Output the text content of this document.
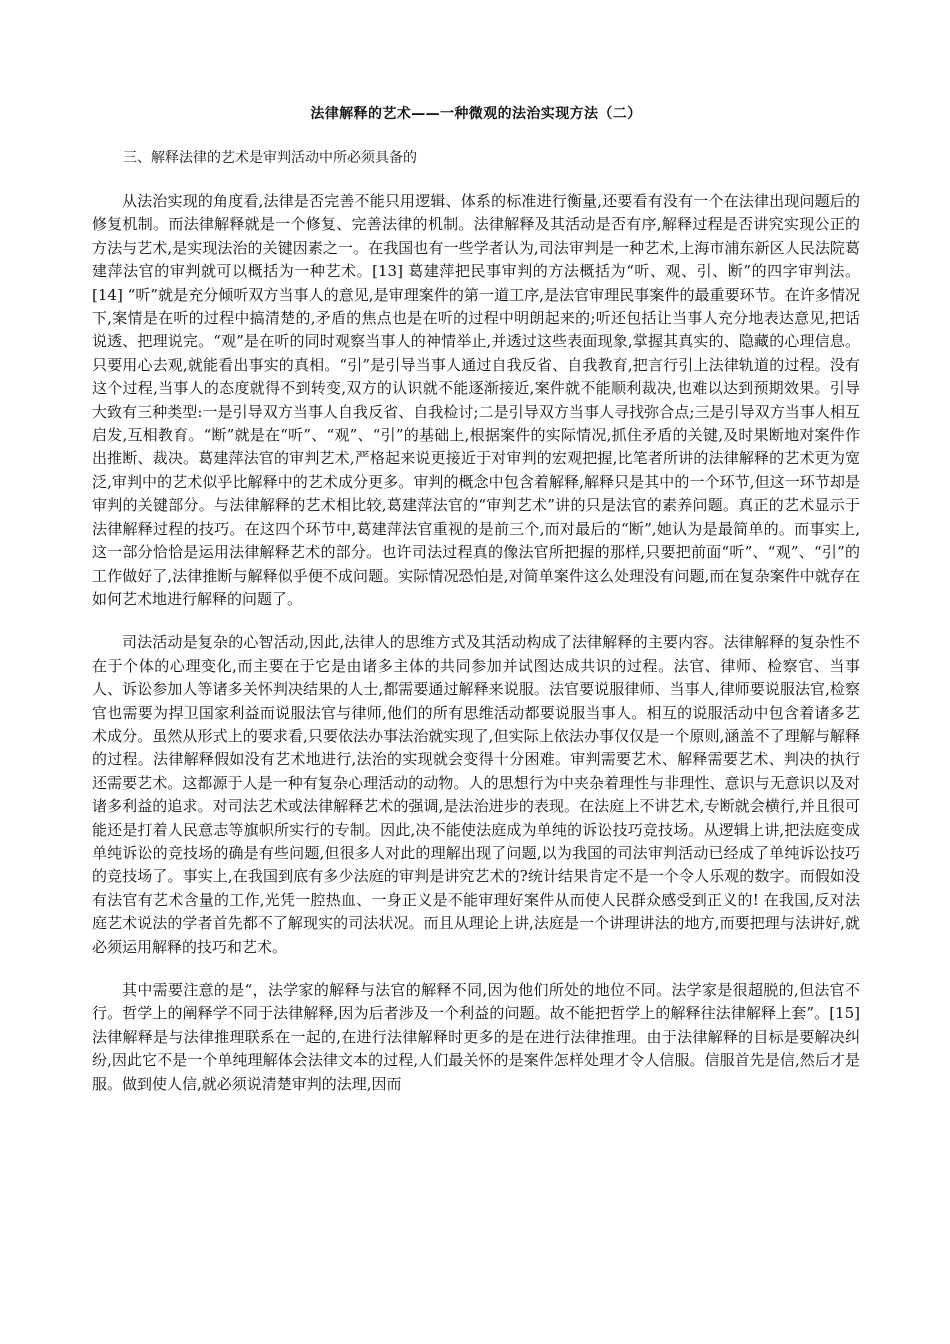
法律解释的艺术——一种微观的法治实现方法（二）

三、解释法律的艺术是审判活动中所必须具备的

从法治实现的角度看,法律是否完善不能只用逻辑、体系的标准进行衡量,还要看有没有一个在法律出现问题后的修复机制。而法律解释就是一个修复、完善法律的机制。法律解释及其活动是否有序,解释过程是否讲究实现公正的方法与艺术,是实现法治的关键因素之一。在我国也有一些学者认为,司法审判是一种艺术,上海市浦东新区人民法院葛建萍法官的审判就可以概括为一种艺术。[13] 葛建萍把民事审判的方法概括为“听、观、引、断”的四字审判法。[14] “听”就是充分倾听双方当事人的意见,是审理案件的第一道工序,是法官审理民事案件的最重要环节。在许多情况下,案情是在听的过程中搞清楚的,矛盾的焦点也是在听的过程中明朗起来的;听还包括让当事人充分地表达意见,把话说透、把理说完。“观”是在听的同时观察当事人的神情举止,并透过这些表面现象,掌握其真实的、隐藏的心理信息。只要用心去观,就能看出事实的真相。“引”是引导当事人通过自我反省、自我教育,把言行引上法律轨道的过程。没有这个过程,当事人的态度就得不到转变,双方的认识就不能逐渐接近,案件就不能顺利裁决,也难以达到预期效果。引导大致有三种类型:一是引导双方当事人自我反省、自我检讨;二是引导双方当事人寻找弥合点;三是引导双方当事人相互启发,互相教育。“断”就是在“听”、“观”、“引”的基础上,根据案件的实际情况,抓住矛盾的关键,及时果断地对案件作出推断、裁决。葛建萍法官的审判艺术,严格起来说更接近于对审判的宏观把握,比笔者所讲的法律解释的艺术更为宽泛,审判中的艺术似乎比解释中的艺术成分更多。审判的概念中包含着解释,解释只是其中的一个环节,但这一环节却是审判的关键部分。与法律解释的艺术相比较,葛建萍法官的“审判艺术”讲的只是法官的素养问题。真正的艺术显示于法律解释过程的技巧。在这四个环节中,葛建萍法官重视的是前三个,而对最后的“断”,她认为是最简单的。而事实上,这一部分恰恰是运用法律解释艺术的部分。也许司法过程真的像法官所把握的那样,只要把前面“听”、“观”、“引”的工作做好了,法律推断与解释似乎便不成问题。实际情况恐怕是,对简单案件这么处理没有问题,而在复杂案件中就存在如何艺术地进行解释的问题了。

司法活动是复杂的心智活动,因此,法律人的思维方式及其活动构成了法律解释的主要内容。法律解释的复杂性不在于个体的心理变化,而主要在于它是由诸多主体的共同参加并试图达成共识的过程。法官、律师、检察官、当事人、诉讼参加人等诸多关怀判决结果的人士,都需要通过解释来说服。法官要说服律师、当事人,律师要说服法官,检察官也需要为捍卫国家利益而说服法官与律师,他们的所有思维活动都要说服当事人。相互的说服活动中包含着诸多艺术成分。虽然从形式上的要求看,只要依法办事法治就实现了,但实际上依法办事仅仅是一个原则,涵盖不了理解与解释的过程。法律解释假如没有艺术地进行,法治的实现就会变得十分困难。审判需要艺术、解释需要艺术、判决的执行还需要艺术。这都源于人是一种有复杂心理活动的动物。人的思想行为中夹杂着理性与非理性、意识与无意识以及对诸多利益的追求。对司法艺术或法律解释艺术的强调,是法治进步的表现。在法庭上不讲艺术,专断就会横行,并且很可能还是打着人民意志等旗帜所实行的专制。因此,决不能使法庭成为单纯的诉讼技巧竞技场。从逻辑上讲,把法庭变成单纯诉讼的竞技场的确是有些问题,但很多人对此的理解出现了问题,以为我国的司法审判活动已经成了单纯诉讼技巧的竞技场了。事实上,在我国到底有多少法庭的审判是讲究艺术的?统计结果肯定不是一个令人乐观的数字。而假如没有法官有艺术含量的工作,光凭一腔热血、一身正义是不能审理好案件从而使人民群众感受到正义的! 在我国,反对法庭艺术说法的学者首先都不了解现实的司法状况。而且从理论上讲,法庭是一个讲理讲法的地方,而要把理与法讲好,就必须运用解释的技巧和艺术。

其中需要注意的是“，法学家的解释与法官的解释不同,因为他们所处的地位不同。法学家是很超脱的,但法官不行。哲学上的阐释学不同于法律解释,因为后者涉及一个利益的问题。故不能把哲学上的解释往法律解释上套”。[15] 法律解释是与法律推理联系在一起的,在进行法律解释时更多的是在进行法律推理。由于法律解释的目标是要解决纠纷,因此它不是一个单纯理解体会法律文本的过程,人们最关怀的是案件怎样处理才令人信服。信服首先是信,然后才是服。做到使人信,就必须说清楚审判的法理,因而
